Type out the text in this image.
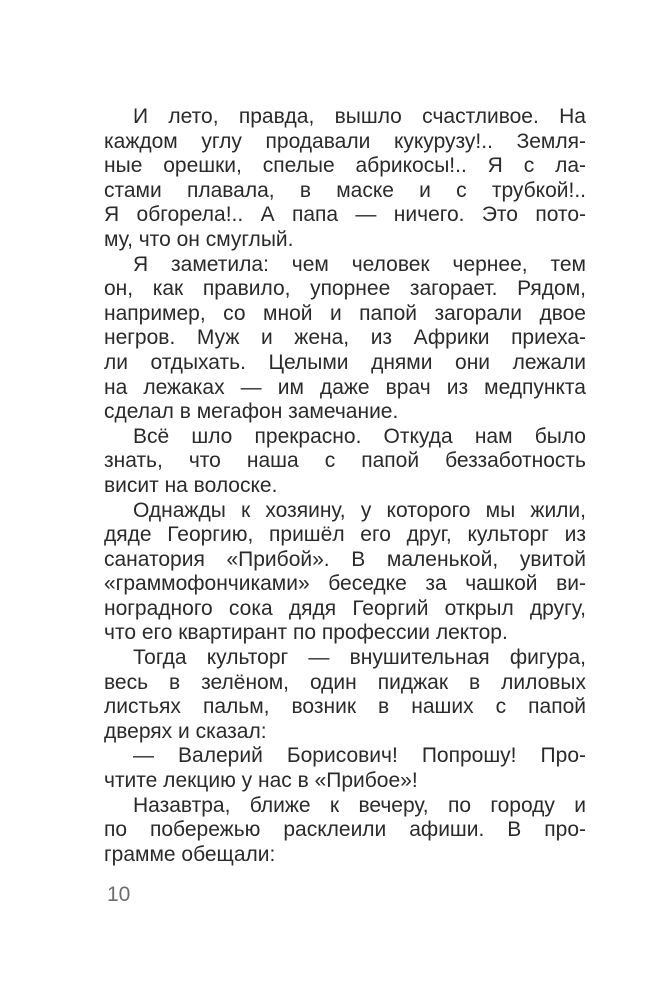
И лето, правда, вышло счастливое. На
каждом углу продавали кукурузу!.. Земля-
ные орешки, спелые абрикосы!.. Я с ла-
стами плавала, в маске и с трубкой!..
Я обгорела!.. А папа — ничего. Это пото-
му, что он смуглый.
Я заметила: чем человек чернее, тем
он, как правило, упорнее загорает. Рядом,
например, со мной и папой загорали двое
негров. Муж и жена, из Африки приеха-
ли отдыхать. Целыми днями они лежали
на лежаках — им даже врач из медпункта
сделал в мегафон замечание.
Всё шло прекрасно. Откуда нам было
знать, что наша с папой беззаботность
висит на волоске.
Однажды к хозяину, у которого мы жили,
дяде Георгию, пришёл его друг, культорг из
санатория «Прибой». В маленькой, увитой
«граммофончиками» беседке за чашкой ви-
ноградного сока дядя Георгий открыл другу,
что его квартирант по профессии лектор.
Тогда культорг — внушительная фигура,
весь в зелёном, один пиджак в лиловых
листьях пальм, возник в наших с папой
дверях и сказал:
— Валерий Борисович! Попрошу! Про-
чтите лекцию у нас в «Прибое»!
Назавтра, ближе к вечеру, по городу и
по побережью расклеили афиши. В про-
грамме обещали:
10
